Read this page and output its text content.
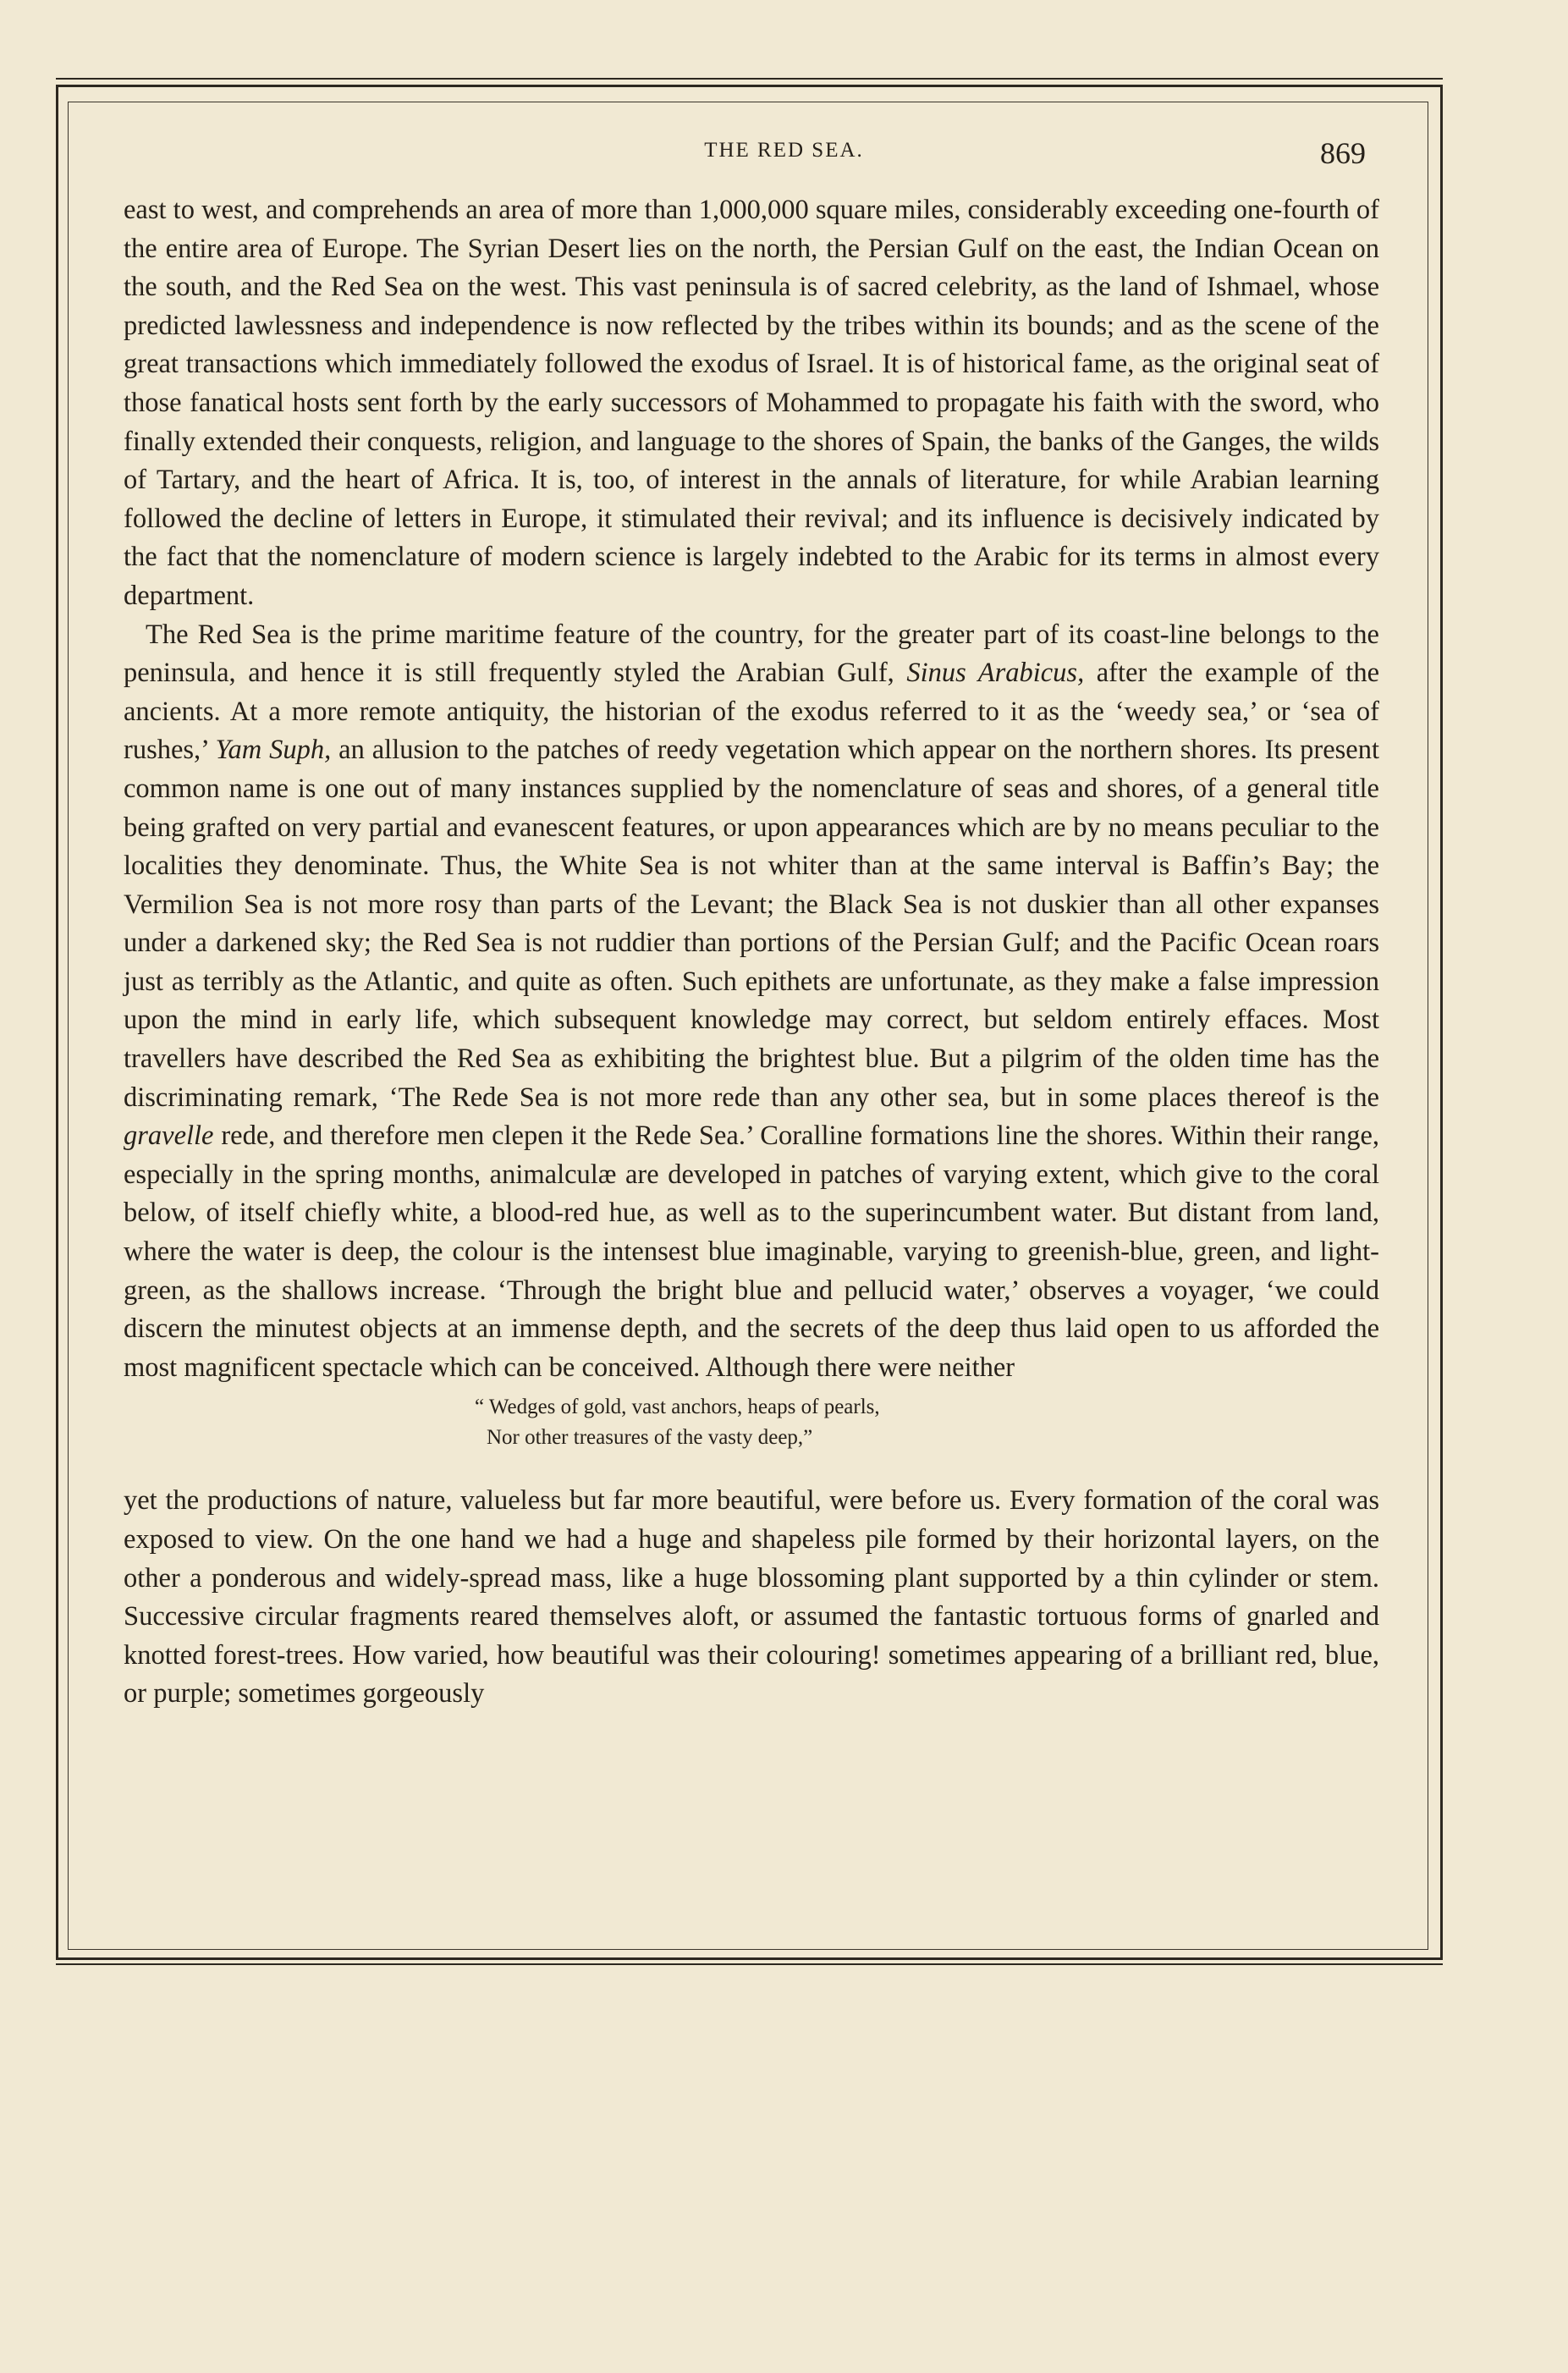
THE RED SEA.	869

east to west, and comprehends an area of more than 1,000,000 square miles, considerably exceeding one-fourth of the entire area of Europe. The Syrian Desert lies on the north, the Persian Gulf on the east, the Indian Ocean on the south, and the Red Sea on the west. This vast peninsula is of sacred celebrity, as the land of Ishmael, whose predicted lawlessness and independence is now reflected by the tribes within its bounds; and as the scene of the great transactions which immediately followed the exodus of Israel. It is of historical fame, as the original seat of those fanatical hosts sent forth by the early successors of Mohammed to propagate his faith with the sword, who finally extended their conquests, religion, and language to the shores of Spain, the banks of the Ganges, the wilds of Tartary, and the heart of Africa. It is, too, of interest in the annals of literature, for while Arabian learning followed the decline of letters in Europe, it stimulated their revival; and its influence is decisively indicated by the fact that the nomenclature of modern science is largely indebted to the Arabic for its terms in almost every department.

The Red Sea is the prime maritime feature of the country, for the greater part of its coast-line belongs to the peninsula, and hence it is still frequently styled the Arabian Gulf, Sinus Arabicus, after the example of the ancients. At a more remote antiquity, the historian of the exodus referred to it as the ‘weedy sea,’ or ‘sea of rushes,’ Yam Suph, an allusion to the patches of reedy vegetation which appear on the northern shores. Its present common name is one out of many instances supplied by the nomenclature of seas and shores, of a general title being grafted on very partial and evanescent features, or upon appearances which are by no means peculiar to the localities they denominate. Thus, the White Sea is not whiter than at the same interval is Baffin’s Bay; the Vermilion Sea is not more rosy than parts of the Levant; the Black Sea is not duskier than all other expanses under a darkened sky; the Red Sea is not ruddier than portions of the Persian Gulf; and the Pacific Ocean roars just as terribly as the Atlantic, and quite as often. Such epithets are unfortunate, as they make a false impression upon the mind in early life, which subsequent knowledge may correct, but seldom entirely effaces. Most travellers have described the Red Sea as exhibiting the brightest blue. But a pilgrim of the olden time has the discriminating remark, ‘The Rede Sea is not more rede than any other sea, but in some places thereof is the gravelle rede, and therefore men clepen it the Rede Sea.’ Coralline formations line the shores. Within their range, especially in the spring months, animalculæ are developed in patches of varying extent, which give to the coral below, of itself chiefly white, a blood-red hue, as well as to the superincumbent water. But distant from land, where the water is deep, the colour is the intensest blue imaginable, varying to greenish-blue, green, and light-green, as the shallows increase. ‘Through the bright blue and pellucid water,’ observes a voyager, ‘we could discern the minutest objects at an immense depth, and the secrets of the deep thus laid open to us afforded the most magnificent spectacle which can be conceived. Although there were neither

“ Wedges of gold, vast anchors, heaps of pearls,
Nor other treasures of the vasty deep,”

yet the productions of nature, valueless but far more beautiful, were before us. Every formation of the coral was exposed to view. On the one hand we had a huge and shapeless pile formed by their horizontal layers, on the other a ponderous and widely-spread mass, like a huge blossoming plant supported by a thin cylinder or stem. Successive circular fragments reared themselves aloft, or assumed the fantastic tortuous forms of gnarled and knotted forest-trees. How varied, how beautiful was their colouring! sometimes appearing of a brilliant red, blue, or purple; sometimes gorgeously
